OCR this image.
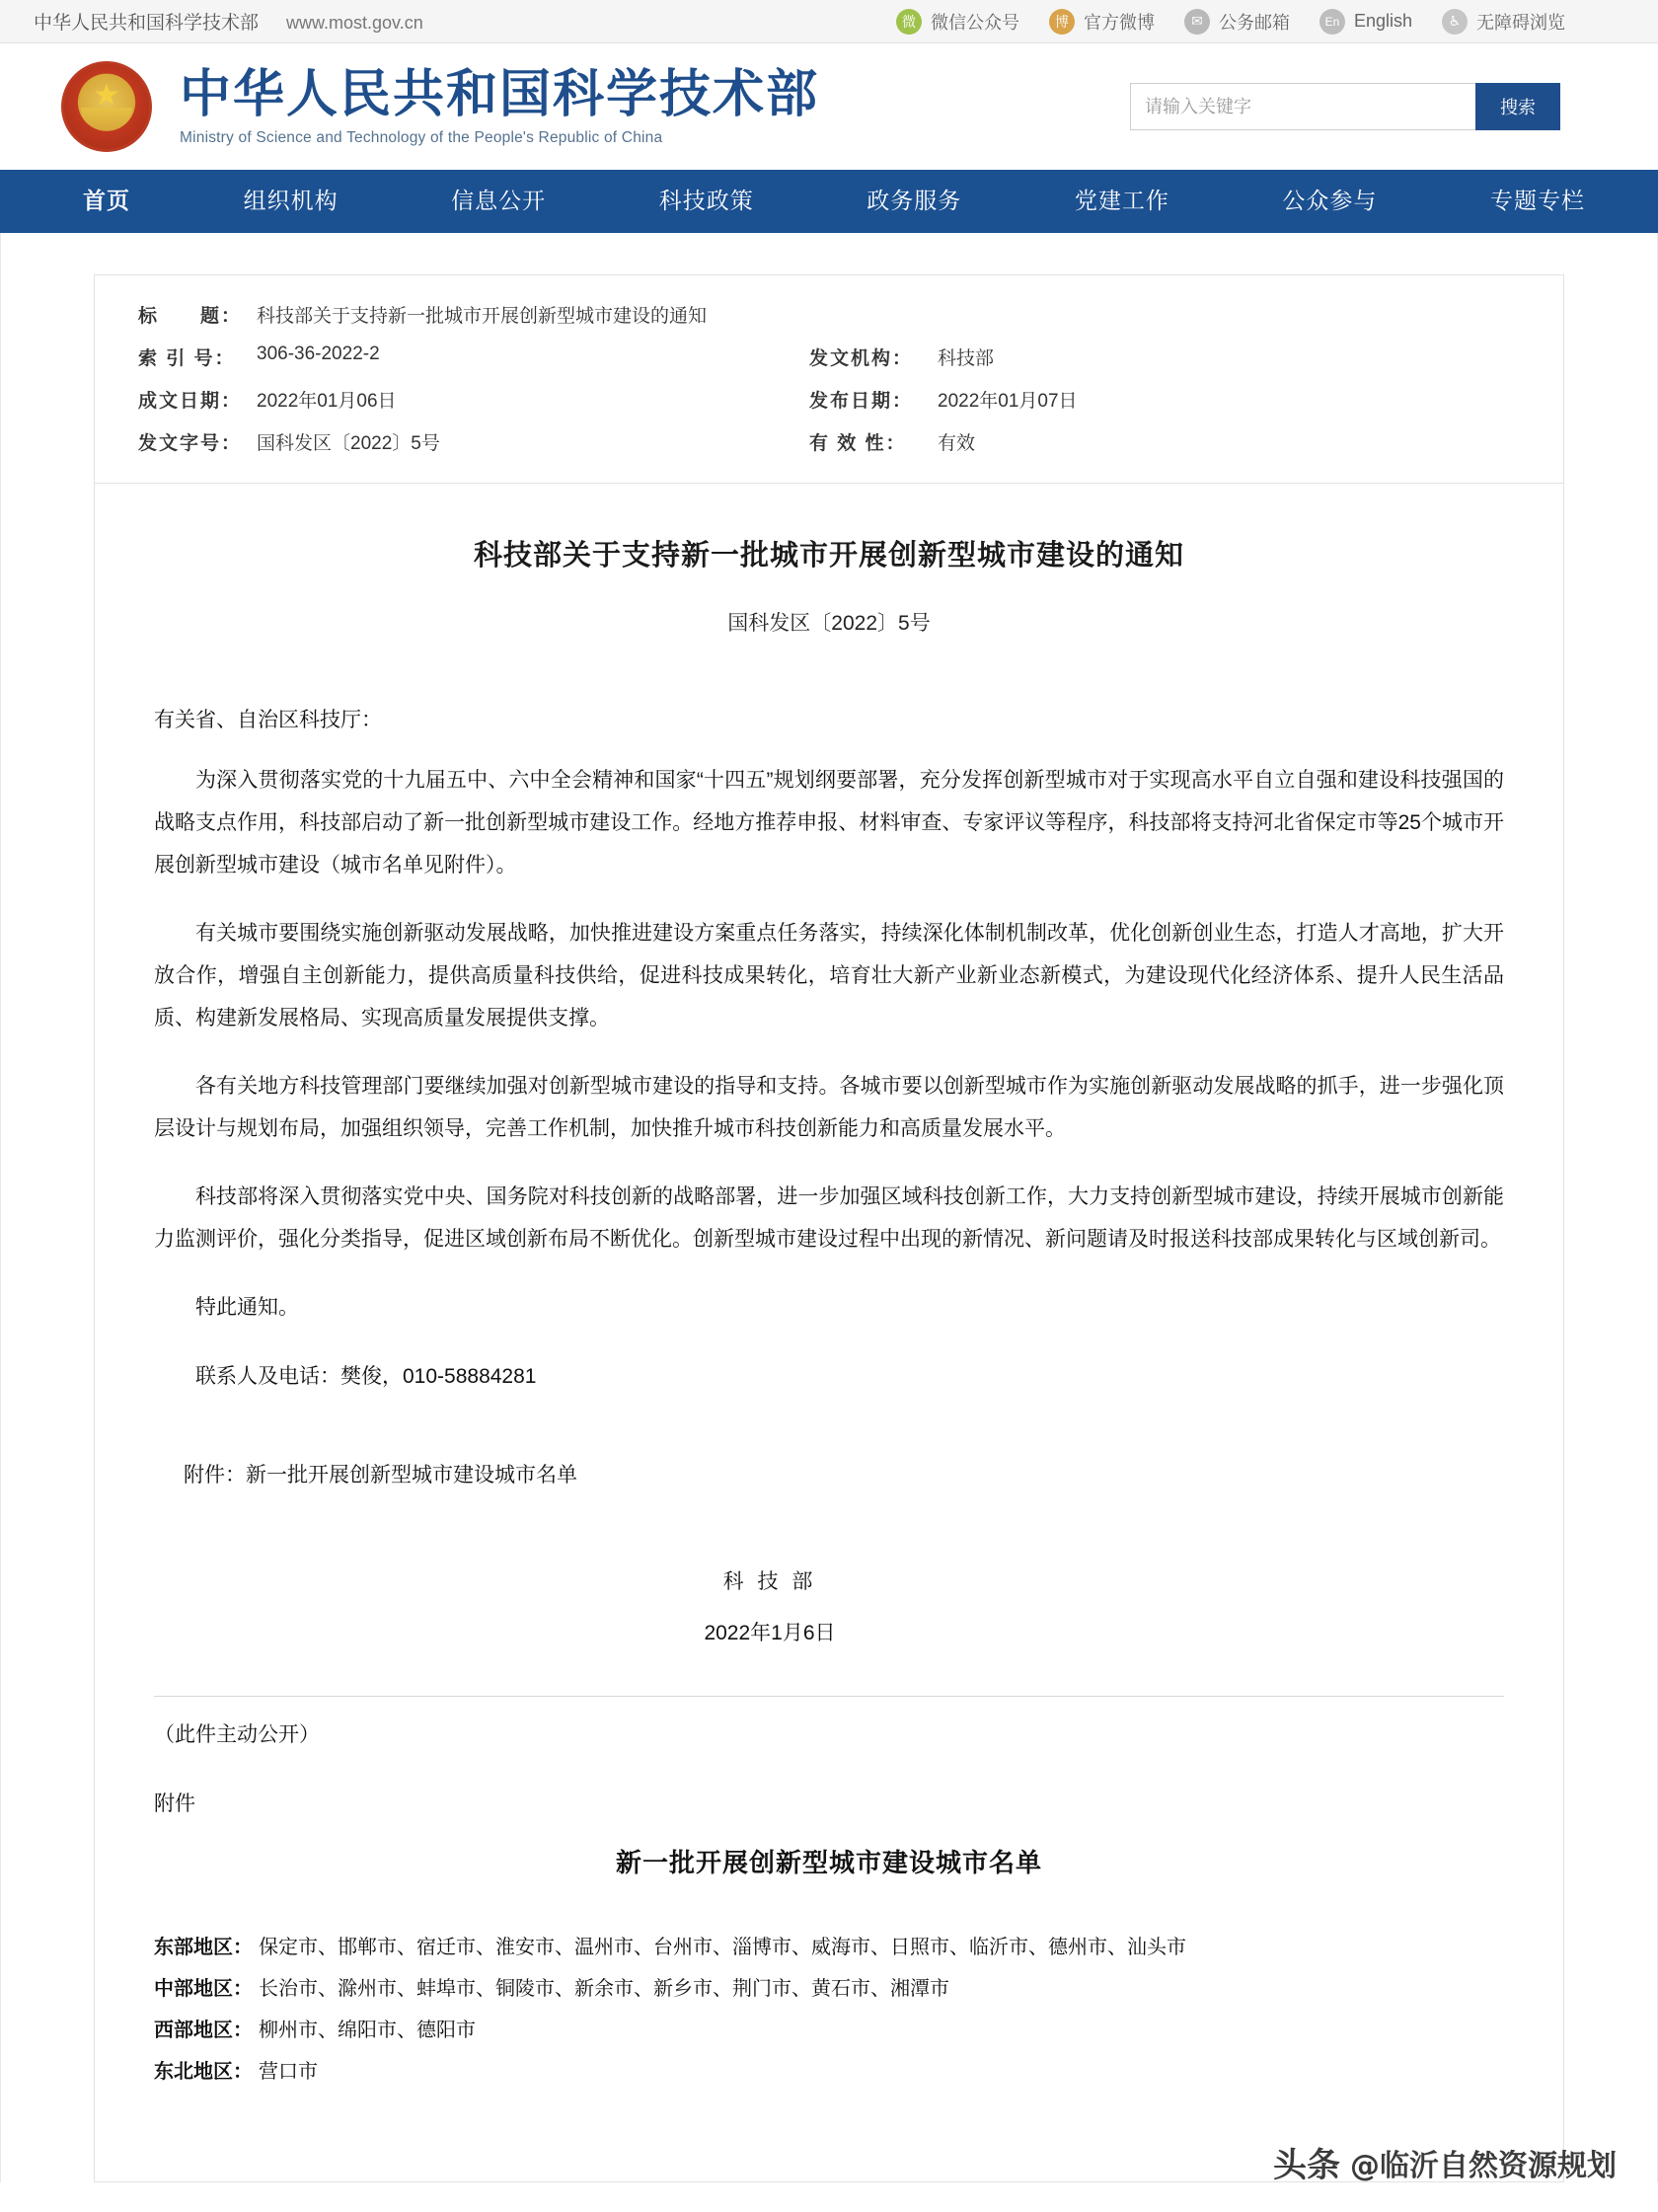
中华人民共和国科学技术部 www.most.gov.cn	微 微信公众号	博 官方微博	✉ 公务邮箱	En English	♿ 无障碍浏览
★
中华人民共和国科学技术部
Ministry of Science and Technology of the People's Republic of China
请输入关键字
搜索
首页	组织机构	信息公开	科技政策	政务服务	党建工作	公众参与	专题专栏
标　　题： 科技部关于支持新一批城市开展创新型城市建设的通知
索 引 号：	306-36-2022-2	发文机构：	科技部
成文日期： 2022年01月06日	发布日期：	2022年01月07日
发文字号： 国科发区〔2022〕5号	有 效 性：	有效
科技部关于支持新一批城市开展创新型城市建设的通知
国科发区〔2022〕5号
有关省、自治区科技厅：

为深入贯彻落实党的十九届五中、六中全会精神和国家“十四五”规划纲要部署，充分发挥创新型城市对于实现高水平自立自强和建设科技强国的战略支点作用，科技部启动了新一批创新型城市建设工作。经地方推荐申报、材料审查、专家评议等程序，科技部将支持河北省保定市等25个城市开展创新型城市建设（城市名单见附件）。

有关城市要围绕实施创新驱动发展战略，加快推进建设方案重点任务落实，持续深化体制机制改革，优化创新创业生态，打造人才高地，扩大开放合作，增强自主创新能力，提供高质量科技供给，促进科技成果转化，培育壮大新产业新业态新模式，为建设现代化经济体系、提升人民生活品质、构建新发展格局、实现高质量发展提供支撑。

各有关地方科技管理部门要继续加强对创新型城市建设的指导和支持。各城市要以创新型城市作为实施创新驱动发展战略的抓手，进一步强化顶层设计与规划布局，加强组织领导，完善工作机制，加快推升城市科技创新能力和高质量发展水平。

科技部将深入贯彻落实党中央、国务院对科技创新的战略部署，进一步加强区域科技创新工作，大力支持创新型城市建设，持续开展城市创新能力监测评价，强化分类指导，促进区域创新布局不断优化。创新型城市建设过程中出现的新情况、新问题请及时报送科技部成果转化与区域创新司。

特此通知。

联系人及电话：樊俊，010-58884281

附件：新一批开展创新型城市建设城市名单
科 技 部
2022年1月6日
（此件主动公开）
附件
新一批开展创新型城市建设城市名单
东部地区： 保定市、邯郸市、宿迁市、淮安市、温州市、台州市、淄博市、威海市、日照市、临沂市、德州市、汕头市
中部地区： 长治市、滁州市、蚌埠市、铜陵市、新余市、新乡市、荆门市、黄石市、湘潭市
西部地区： 柳州市、绵阳市、德阳市
东北地区： 营口市
头条 @临沂自然资源规划
